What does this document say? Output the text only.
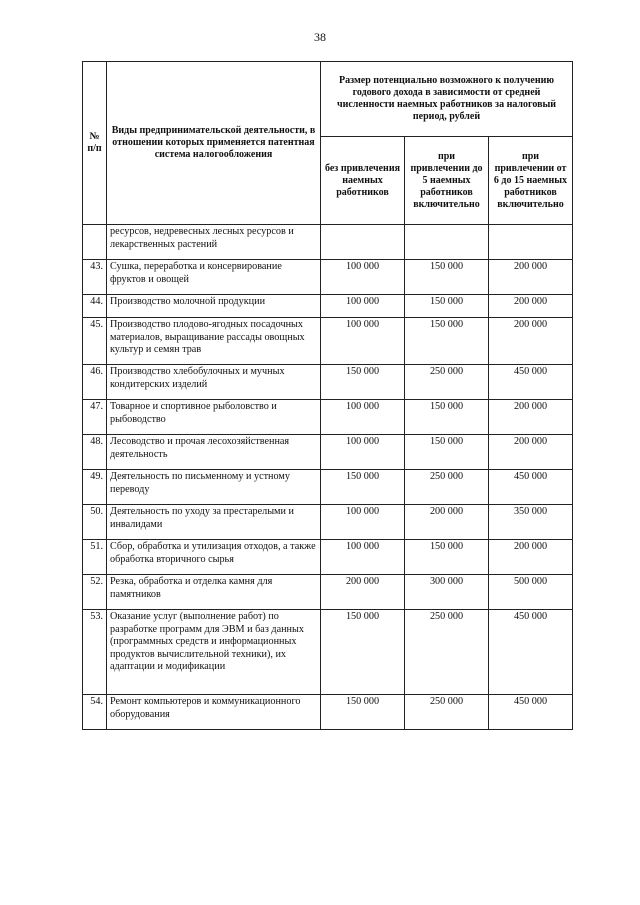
38
№ п/п	Виды предпринимательской деятельности, в отношении которых применяется патентная система налогообложения	Размер потенциально возможного к получению годового дохода в зависимости от средней численности наемных работников за налоговый период, рублей		
		без привлечения наемных работников	при привлечении до 5 наемных работников включительно	при привлечении от 6 до 15 наемных работников включительно
	ресурсов, недревесных лесных ресурсов и лекарственных растений			
43.	Сушка, переработка и консервирование фруктов и овощей	100 000	150 000	200 000
44.	Производство молочной продукции	100 000	150 000	200 000
45.	Производство плодово-ягодных посадочных материалов, выращивание рассады овощных культур и семян трав	100 000	150 000	200 000
46.	Производство хлебобулочных и мучных кондитерских изделий	150 000	250 000	450 000
47.	Товарное и спортивное рыболовство и рыбоводство	100 000	150 000	200 000
48.	Лесоводство и прочая лесохозяйственная деятельность	100 000	150 000	200 000
49.	Деятельность по письменному и устному переводу	150 000	250 000	450 000
50.	Деятельность по уходу за престарелыми и инвалидами	100 000	200 000	350 000
51.	Сбор, обработка и утилизация отходов, а также обработка вторичного сырья	100 000	150 000	200 000
52.	Резка, обработка и отделка камня для памятников	200 000	300 000	500 000
53.	Оказание услуг (выполнение работ) по разработке программ для ЭВМ и баз данных (программных средств и информационных продуктов вычислительной техники), их адаптации и модификации	150 000	250 000	450 000
54.	Ремонт компьютеров и коммуникационного оборудования	150 000	250 000	450 000
